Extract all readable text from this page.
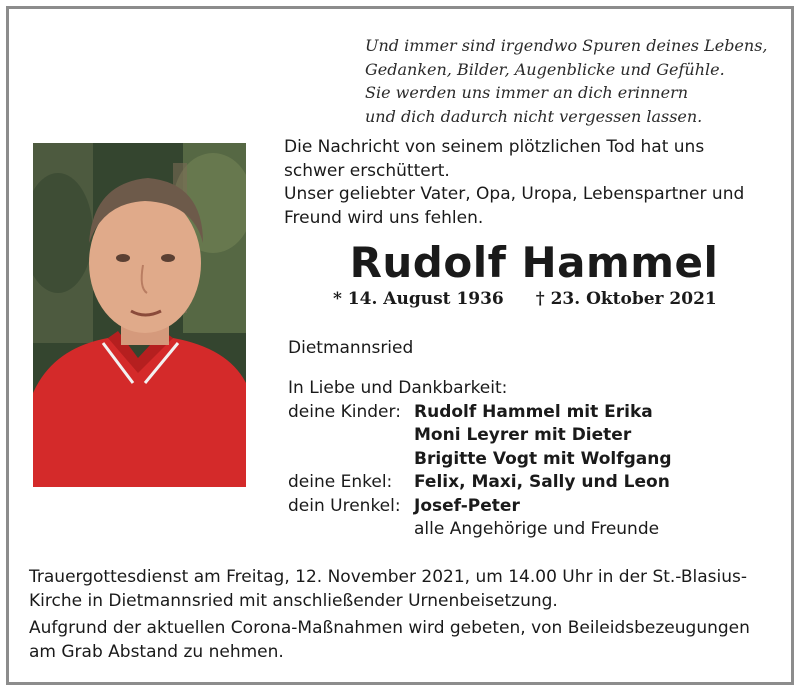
Und immer sind irgendwo Spuren deines Lebens,
Gedanken, Bilder, Augenblicke und Gefühle.
Sie werden uns immer an dich erinnern
und dich dadurch nicht vergessen lassen.
Die Nachricht von seinem plötzlichen Tod hat uns
schwer erschüttert.
Unser geliebter Vater, Opa, Uropa, Lebenspartner und
Freund wird uns fehlen.
Rudolf Hammel
* 14. August 1936 † 23. Oktober 2021
Dietmannsried
In Liebe und Dankbarkeit:
deine Kinder: Rudolf Hammel mit Erika
Moni Leyrer mit Dieter
Brigitte Vogt mit Wolfgang
deine Enkel:	Felix, Maxi, Sally und Leon
dein Urenkel: Josef-Peter
alle Angehörige und Freunde
Trauergottesdienst am Freitag, 12. November 2021, um 14.00 Uhr in der St.-Blasius-
Kirche in Dietmannsried mit anschließender Urnenbeisetzung.
Aufgrund der aktuellen Corona-Maßnahmen wird gebeten, von Beileidsbezeugungen
am Grab Abstand zu nehmen.
